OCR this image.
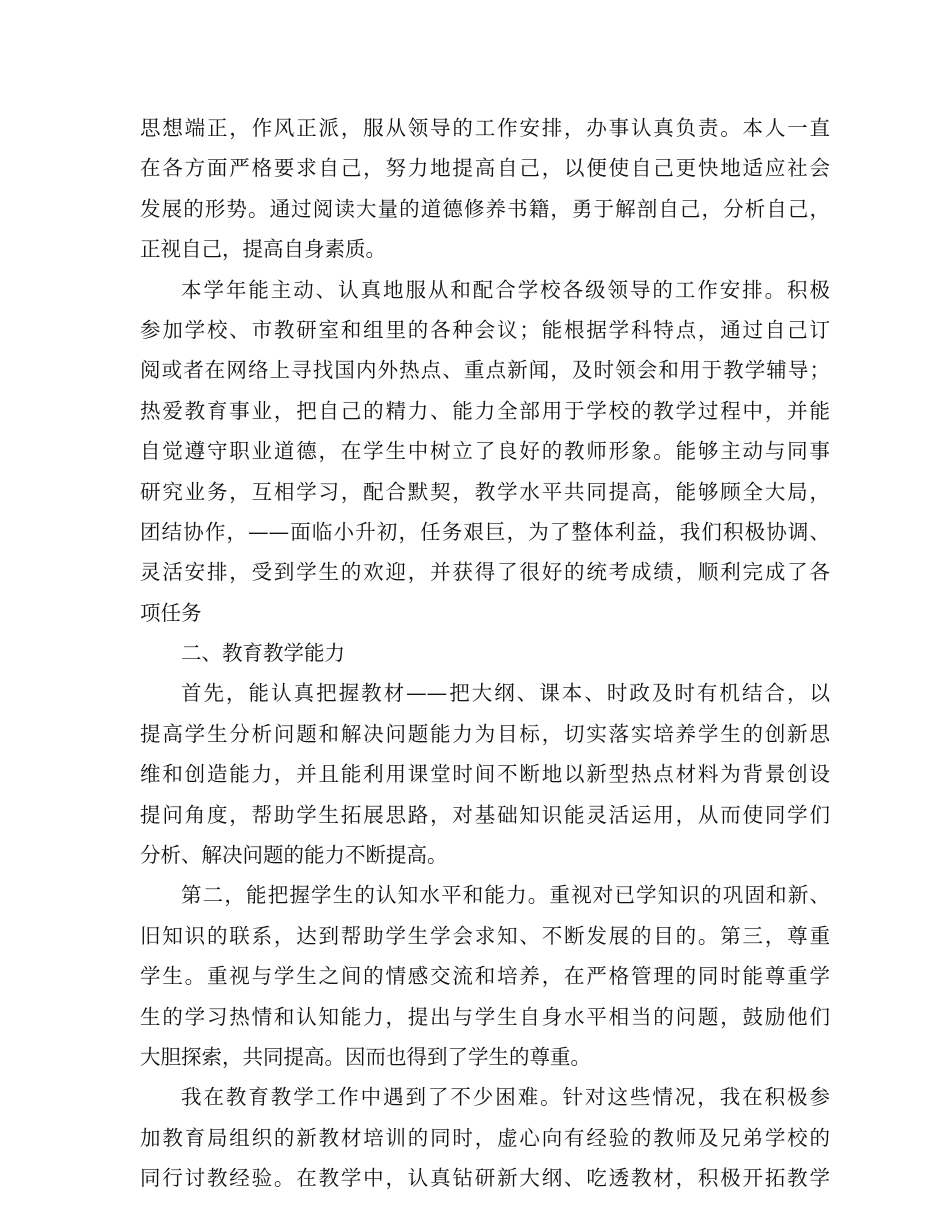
思想端正，作风正派，服从领导的工作安排，办事认真负责。本人一直
在各方面严格要求自己，努力地提高自己，以便使自己更快地适应社会
发展的形势。通过阅读大量的道德修养书籍，勇于解剖自己，分析自己，
正视自己，提高自身素质。
本学年能主动、认真地服从和配合学校各级领导的工作安排。积极
参加学校、市教研室和组里的各种会议；能根据学科特点，通过自己订
阅或者在网络上寻找国内外热点、重点新闻，及时领会和用于教学辅导；
热爱教育事业，把自己的精力、能力全部用于学校的教学过程中，并能
自觉遵守职业道德，在学生中树立了良好的教师形象。能够主动与同事
研究业务，互相学习，配合默契，教学水平共同提高，能够顾全大局，
团结协作，——面临小升初，任务艰巨，为了整体利益，我们积极协调、
灵活安排，受到学生的欢迎，并获得了很好的统考成绩，顺利完成了各
项任务
二、教育教学能力
首先，能认真把握教材——把大纲、课本、时政及时有机结合，以
提高学生分析问题和解决问题能力为目标，切实落实培养学生的创新思
维和创造能力，并且能利用课堂时间不断地以新型热点材料为背景创设
提问角度，帮助学生拓展思路，对基础知识能灵活运用，从而使同学们
分析、解决问题的能力不断提高。
第二，能把握学生的认知水平和能力。重视对已学知识的巩固和新、
旧知识的联系，达到帮助学生学会求知、不断发展的目的。第三，尊重
学生。重视与学生之间的情感交流和培养，在严格管理的同时能尊重学
生的学习热情和认知能力，提出与学生自身水平相当的问题，鼓励他们
大胆探索，共同提高。因而也得到了学生的尊重。
我在教育教学工作中遇到了不少困难。针对这些情况，我在积极参
加教育局组织的新教材培训的同时，虚心向有经验的教师及兄弟学校的
同行讨教经验。在教学中，认真钻研新大纲、吃透教材，积极开拓教学
